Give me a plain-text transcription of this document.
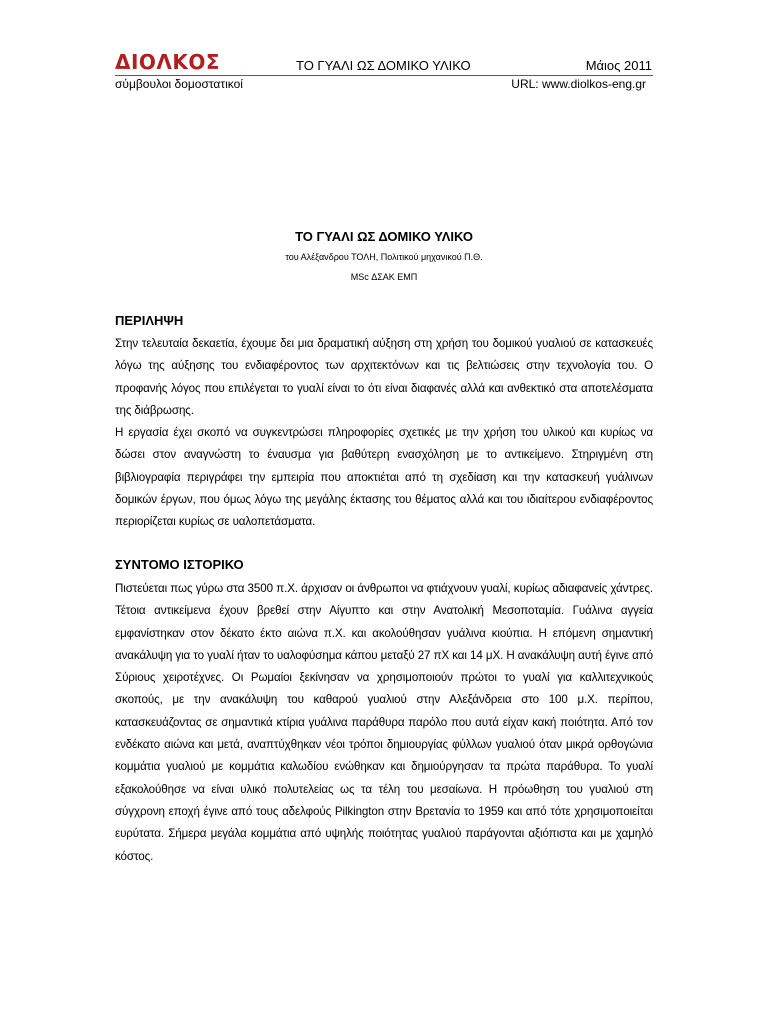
ΔΙΟΛΚΟΣ	ΤΟ ΓΥΑΛΙ ΩΣ ΔΟΜΙΚΟ ΥΛΙΚΟ	Μάιος 2011
σύμβουλοι δομοστατικοί	URL: www.diolkos-eng.gr
ΤΟ ΓΥΑΛΙ ΩΣ ΔΟΜΙΚΟ ΥΛΙΚΟ
του Αλέξανδρου ΤΟΛΗ, Πολιτικού μηχανικού Π.Θ.
MSc ΔΣΑΚ ΕΜΠ
ΠΕΡΙΛΗΨΗ

Στην τελευταία δεκαετία, έχουμε δει μια δραματική αύξηση στη χρήση του δομικού γυαλιού σε κατασκευές λόγω της αύξησης του ενδιαφέροντος των αρχιτεκτόνων και τις βελτιώσεις στην τεχνολογία του. Ο προφανής λόγος που επιλέγεται το γυαλί είναι το ότι είναι διαφανές αλλά και ανθεκτικό στα αποτελέσματα της διάβρωσης.

Η εργασία έχει σκοπό να συγκεντρώσει πληροφορίες σχετικές με την χρήση του υλικού και κυρίως να δώσει στον αναγνώστη το έναυσμα για βαθύτερη ενασχόληση με το αντικείμενο. Στηριγμένη στη βιβλιογραφία περιγράφει την εμπειρία που αποκτιέται από τη σχεδίαση και την κατασκευή γυάλινων δομικών έργων, που όμως λόγω της μεγάλης έκτασης του θέματος αλλά και του ιδιαίτερου ενδιαφέροντος περιορίζεται κυρίως σε υαλοπετάσματα.

ΣΥΝΤΟΜΟ ΙΣΤΟΡΙΚΟ

Πιστεύεται πως γύρω στα 3500 π.Χ. άρχισαν οι άνθρωποι να φτιάχνουν γυαλί, κυρίως αδιαφανείς χάντρες. Τέτοια αντικείμενα έχουν βρεθεί στην Αίγυπτο και στην Ανατολική Μεσοποταμία. Γυάλινα αγγεία εμφανίστηκαν στον δέκατο έκτο αιώνα π.Χ. και ακολούθησαν γυάλινα κιούπια. Η επόμενη σημαντική ανακάλυψη για το γυαλί ήταν το υαλοφύσημα κάπου μεταξύ 27 πΧ και 14 μΧ. Η ανακάλυψη αυτή έγινε από Σύριους χειροτέχνες. Οι Ρωμαίοι ξεκίνησαν να χρησιμοποιούν πρώτοι το γυαλί για καλλιτεχνικούς σκοπούς, με την ανακάλυψη του καθαρού γυαλιού στην Αλεξάνδρεια στο 100 μ.Χ. περίπου, κατασκευάζοντας σε σημαντικά κτίρια γυάλινα παράθυρα παρόλο που αυτά είχαν κακή ποιότητα. Από τον ενδέκατο αιώνα και μετά, αναπτύχθηκαν νέοι τρόποι δημιουργίας φύλλων γυαλιού όταν μικρά ορθογώνια κομμάτια γυαλιού με κομμάτια καλωδίου ενώθηκαν και δημιούργησαν τα πρώτα παράθυρα. Το γυαλί εξακολούθησε να είναι υλικό πολυτελείας ως τα τέλη του μεσαίωνα. Η πρόωθηση του γυαλιού στη σύγχρονη εποχή έγινε από τους αδελφούς Pilkington στην Βρετανία το 1959 και από τότε χρησιμοποιείται ευρύτατα. Σήμερα μεγάλα κομμάτια από υψηλής ποιότητας γυαλιού παράγονται αξιόπιστα και με χαμηλό κόστος.
